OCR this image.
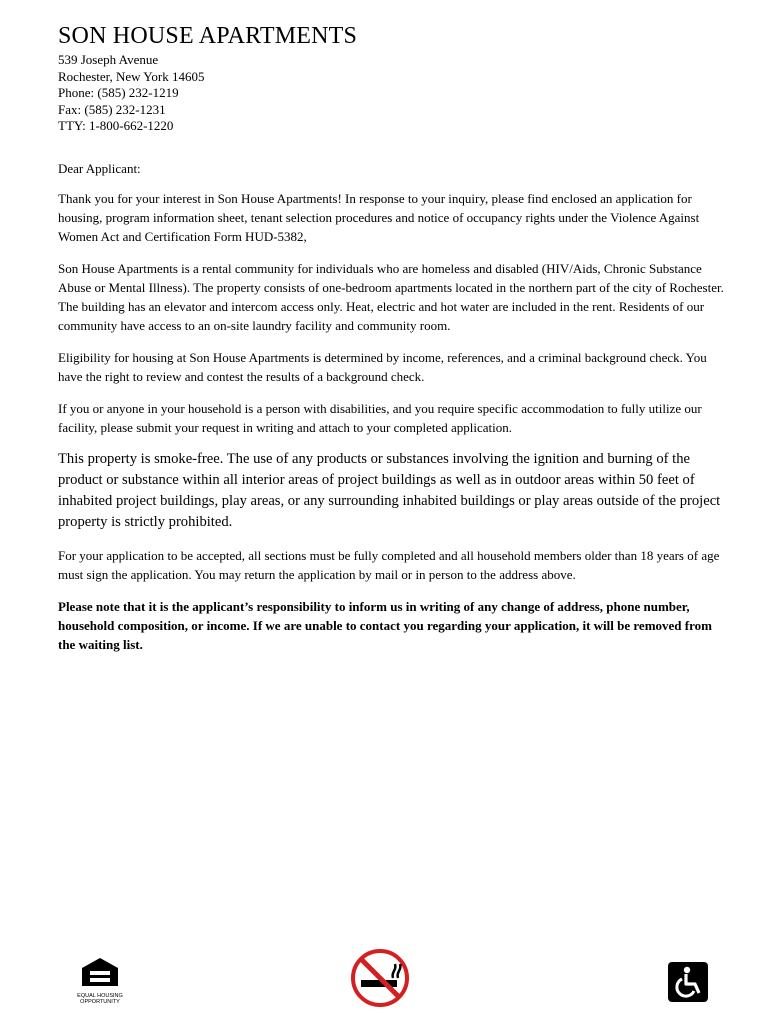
SON HOUSE APARTMENTS
539 Joseph Avenue
Rochester, New York 14605
Phone: (585) 232-1219
Fax: (585) 232-1231
TTY: 1-800-662-1220
Dear Applicant:
Thank you for your interest in Son House Apartments! In response to your inquiry, please find enclosed an application for housing, program information sheet, tenant selection procedures and notice of occupancy rights under the Violence Against Women Act and Certification Form HUD-5382,
Son House Apartments is a rental community for individuals who are homeless and disabled (HIV/Aids, Chronic Substance Abuse or Mental Illness). The property consists of one-bedroom apartments located in the northern part of the city of Rochester. The building has an elevator and intercom access only. Heat, electric and hot water are included in the rent. Residents of our community have access to an on-site laundry facility and community room.
Eligibility for housing at Son House Apartments is determined by income, references, and a criminal background check. You have the right to review and contest the results of a background check.
If you or anyone in your household is a person with disabilities, and you require specific accommodation to fully utilize our facility, please submit your request in writing and attach to your completed application.
This property is smoke-free. The use of any products or substances involving the ignition and burning of the product or substance within all interior areas of project buildings as well as in outdoor areas within 50 feet of inhabited project buildings, play areas, or any surrounding inhabited buildings or play areas outside of the project property is strictly prohibited.
For your application to be accepted, all sections must be fully completed and all household members older than 18 years of age must sign the application. You may return the application by mail or in person to the address above.
Please note that it is the applicant’s responsibility to inform us in writing of any change of address, phone number, household composition, or income. If we are unable to contact you regarding your application, it will be removed from the waiting list.
EQUAL HOUSING
OPPORTUNITY
